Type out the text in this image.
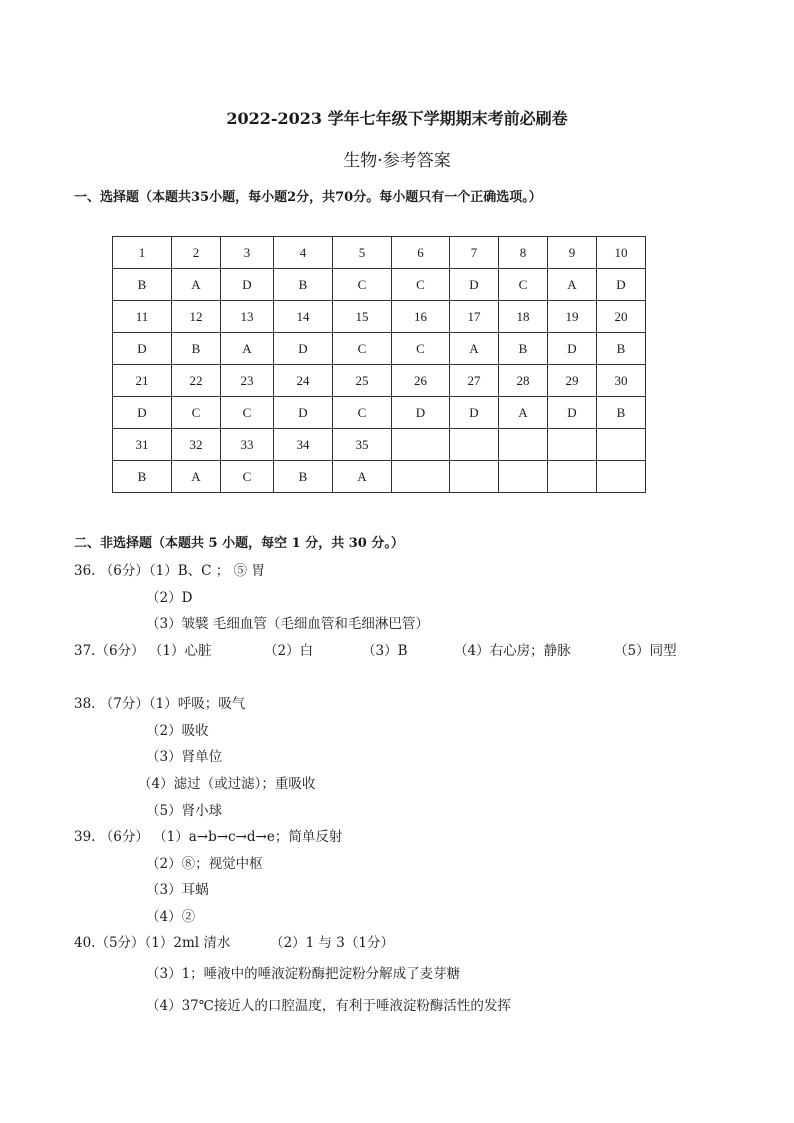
2022-2023 学年七年级下学期期末考前必刷卷
生物·参考答案
一、选择题（本题共35小题，每小题2分，共70分。每小题只有一个正确选项。）
1	2	3	4	5	6	7	8	9	10
B	A	D	B	C	C	D	C	A	D
11	12	13	14	15	16	17	18	19	20
D	B	A	D	C	C	A	B	D	B
21	22	23	24	25	26	27	28	29	30
D	C	C	D	C	D	D	A	D	B
31	32	33	34	35					
B	A	C	B	A					
二、非选择题（本题共 5 小题，每空 1 分，共 30 分。）
36. （6分）（1）B、C ； ⑤ 胃
（2）D
（3）皱襞 毛细血管（毛细血管和毛细淋巴管）
37.（6分） （1）心脏	（2）白	（3）B	（4）右心房；静脉	（5）同型
38. （7分）（1）呼吸；吸气
（2）吸收
（3）肾单位
（4）滤过（或过滤）；重吸收
（5）肾小球
39. （6分） （1）a→b→c→d→e；简单反射
（2）⑧；视觉中枢
（3）耳蜗
（4）②
40.（5分）（1）2ml 清水	（2）1 与 3（1分）
（3）1；唾液中的唾液淀粉酶把淀粉分解成了麦芽糖
（4）37℃接近人的口腔温度，有利于唾液淀粉酶活性的发挥
